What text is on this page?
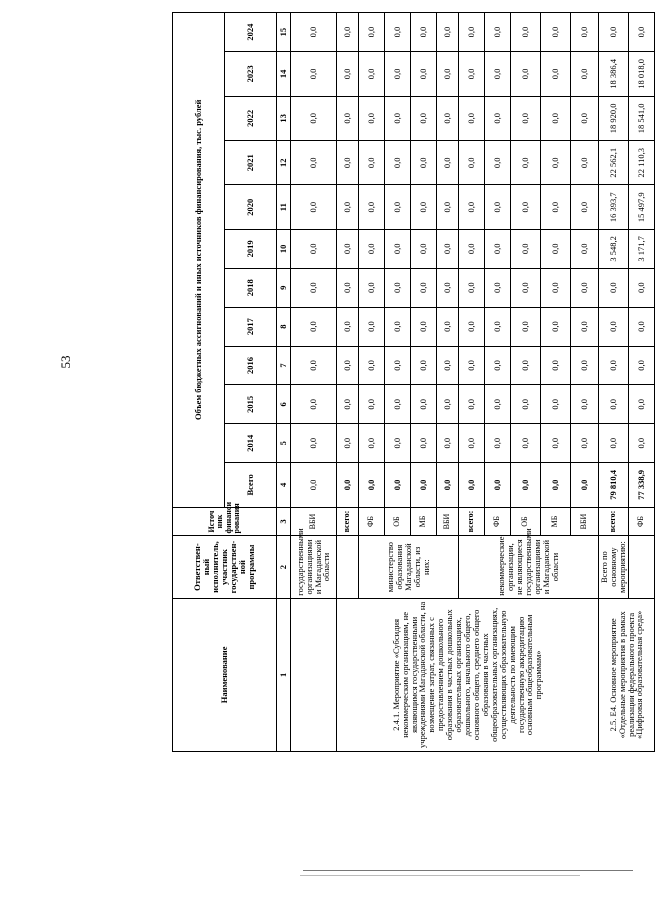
53
Наименование	Ответствен-ный исполнитель, участник государствен-ной программы	Источ ник финанси рования	Объем бюджетных ассигнований и иных источников финансирования, тыс. рублей											
			Всего	2014	2015	2016	2017	2018	2019	2020	2021	2022	2023	2024
1	2	3	4	5	6	7	8	9	10	11	12	13	14	15
	государственными организациями и Магаданской области	ВБИ	0,0	0,0	0,0	0,0	0,0	0,0	0,0	0,0	0,0	0,0	0,0	0,0
2.4.1. Мероприятие «Субсидия некоммерческим организациям, не являющимся государственными учреждениями Магаданской области, на возмещение затрат, связанных с предоставлением дошкольного образования в частных дошкольных образовательных организациях, дошкольного, начального общего, основного общего, среднего общего образования в частных общеобразовательных организациях, осуществляющих образовательную деятельность по имеющим государственную аккредитацию основным общеобразовательным программам»		всего:	0,0	0,0	0,0	0,0	0,0	0,0	0,0	0,0	0,0	0,0	0,0	0,0
	министерство образования Магаданской области, из них:	ФБ	0,0	0,0	0,0	0,0	0,0	0,0	0,0	0,0	0,0	0,0	0,0	0,0
		ОБ	0,0	0,0	0,0	0,0	0,0	0,0	0,0	0,0	0,0	0,0	0,0	0,0
		МБ	0,0	0,0	0,0	0,0	0,0	0,0	0,0	0,0	0,0	0,0	0,0	0,0
		ВБИ	0,0	0,0	0,0	0,0	0,0	0,0	0,0	0,0	0,0	0,0	0,0	0,0
	некоммерческие организации, не являющиеся государственными организациями и Магаданской области	всего:	0,0	0,0	0,0	0,0	0,0	0,0	0,0	0,0	0,0	0,0	0,0	0,0
		ФБ	0,0	0,0	0,0	0,0	0,0	0,0	0,0	0,0	0,0	0,0	0,0	0,0
		ОБ	0,0	0,0	0,0	0,0	0,0	0,0	0,0	0,0	0,0	0,0	0,0	0,0
		МБ	0,0	0,0	0,0	0,0	0,0	0,0	0,0	0,0	0,0	0,0	0,0	0,0
		ВБИ	0,0	0,0	0,0	0,0	0,0	0,0	0,0	0,0	0,0	0,0	0,0	0,0
2.5. Е4. Основное мероприятие «Отдельные мероприятия в рамках реализации федерального проекта «Цифровая образовательная среда»	Всего по основному мероприятию:	всего:	79 810,4	0,0	0,0	0,0	0,0	0,0	3 548,2	16 393,7	22 562,1	18 920,0	18 386,4	0,0
		ФБ	77 338,9	0,0	0,0	0,0	0,0	0,0	3 171,7	15 497,9	22 110,3	18 541,0	18 018,0	0,0
